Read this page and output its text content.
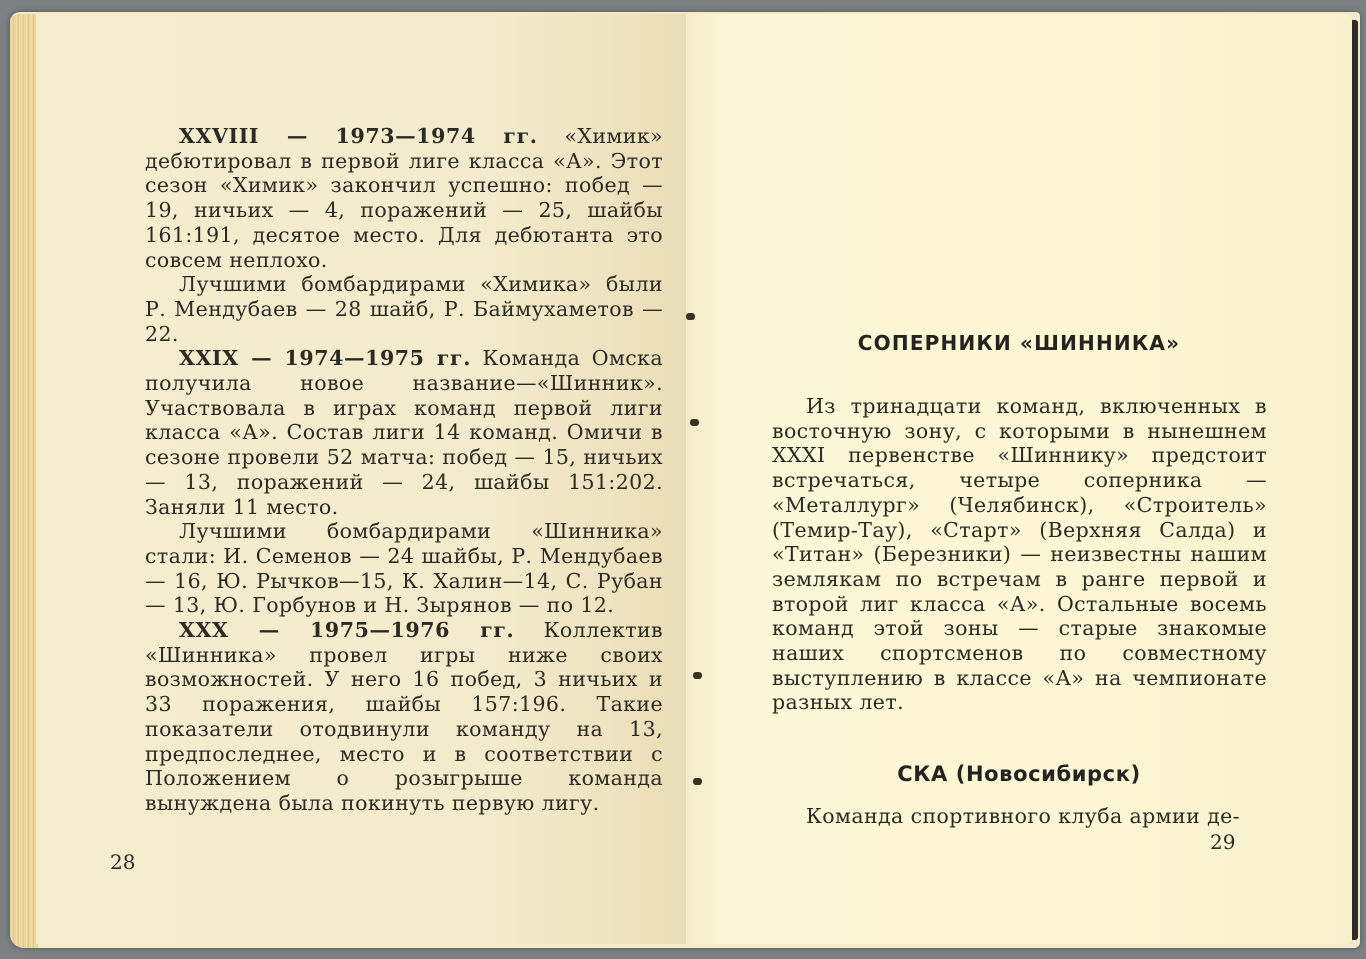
XXVIII — 1973—1974 гг. «Химик» дебютировал в первой лиге класса «А». Этот сезон «Химик» закончил успешно: побед — 19, ничьих — 4, поражений — 25, шайбы 161:191, десятое место. Для дебютанта это совсем неплохо.

Лучшими бомбардирами «Химика» были Р. Мендубаев — 28 шайб, Р. Баймухаметов — 22.

XXIX — 1974—1975 гг. Команда Омска получила новое название—«Шинник». Участвовала в играх команд первой лиги класса «А». Состав лиги 14 команд. Омичи в сезоне провели 52 матча: побед — 15, ничьих — 13, поражений — 24, шайбы 151:202. Заняли 11 место.

Лучшими бомбардирами «Шинника» стали: И. Семенов — 24 шайбы, Р. Мендубаев — 16, Ю. Рычков—15, К. Халин—14, С. Рубан — 13, Ю. Горбунов и Н. Зырянов — по 12.

XXX — 1975—1976 гг. Коллектив «Шинника» провел игры ниже своих возможностей. У него 16 побед, 3 ничьих и 33 поражения, шайбы 157:196. Такие показатели отодвинули команду на 13, предпоследнее, место и в соответствии с Положением о розыгрыше команда вынуждена была покинуть первую лигу.

28
СОПЕРНИКИ «ШИННИКА»

Из тринадцати команд, включенных в восточную зону, с которыми в нынешнем XXXI первенстве «Шиннику» предстоит встречаться, четыре соперника — «Металлург» (Челябинск), «Строитель» (Темир-Тау), «Старт» (Верхняя Салда) и «Титан» (Березники) — неизвестны нашим землякам по встречам в ранге первой и второй лиг класса «А». Остальные восемь команд этой зоны — старые знакомые наших спортсменов по совместному выступлению в классе «А» на чемпионате разных лет.

СКА (Новосибирск)

Команда спортивного клуба армии де-

29
